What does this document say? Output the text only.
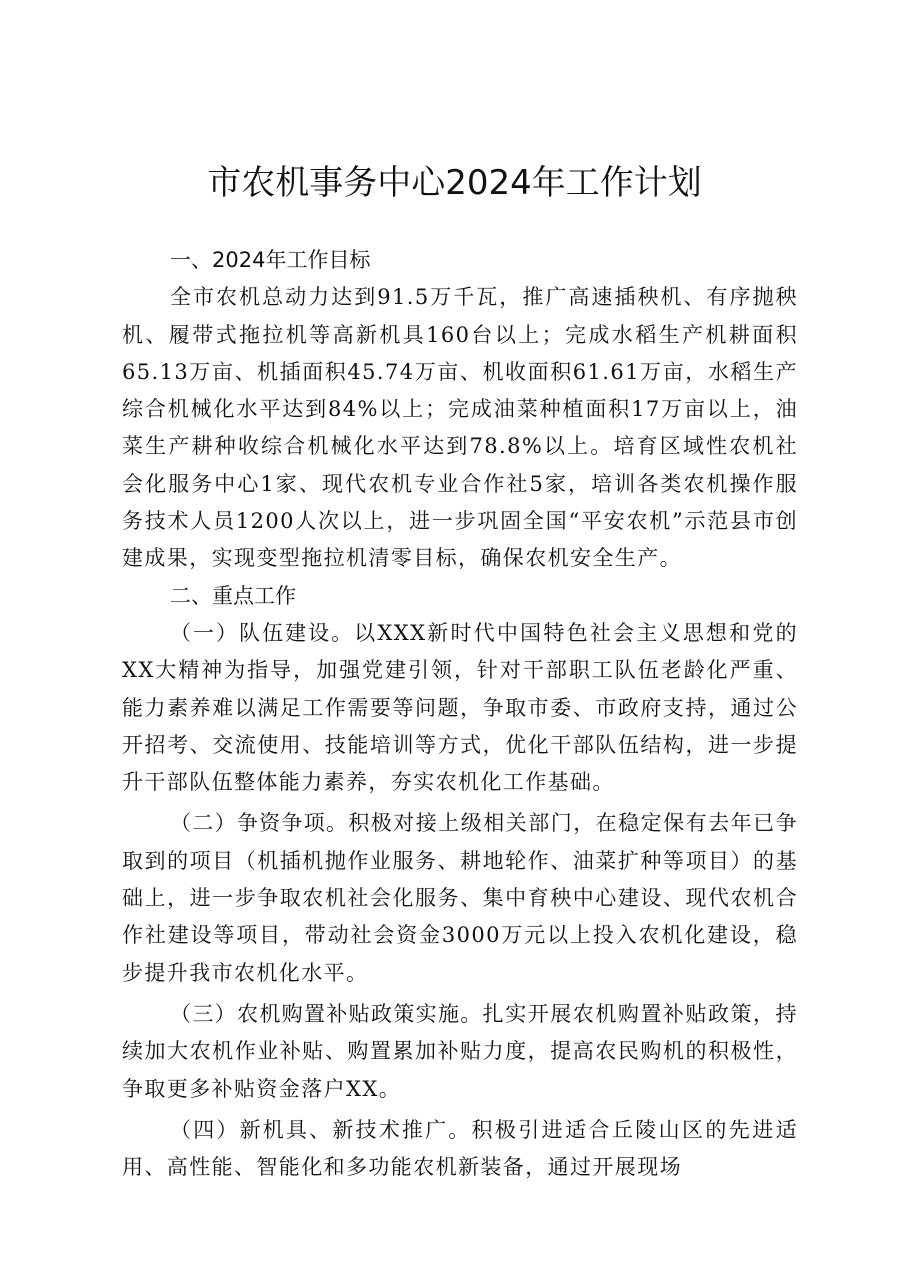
市农机事务中心2024年工作计划

一、2024年工作目标

全市农机总动力达到91.5万千瓦，推广高速插秧机、有序抛秧机、履带式拖拉机等高新机具160台以上；完成水稻生产机耕面积65.13万亩、机插面积45.74万亩、机收面积61.61万亩，水稻生产综合机械化水平达到84%以上；完成油菜种植面积17万亩以上，油菜生产耕种收综合机械化水平达到78.8%以上。培育区域性农机社会化服务中心1家、现代农机专业合作社5家，培训各类农机操作服务技术人员1200人次以上，进一步巩固全国“平安农机”示范县市创建成果，实现变型拖拉机清零目标，确保农机安全生产。

二、重点工作

（一）队伍建设。以XXX新时代中国特色社会主义思想和党的XX大精神为指导，加强党建引领，针对干部职工队伍老龄化严重、能力素养难以满足工作需要等问题，争取市委、市政府支持，通过公开招考、交流使用、技能培训等方式，优化干部队伍结构，进一步提升干部队伍整体能力素养，夯实农机化工作基础。

（二）争资争项。积极对接上级相关部门，在稳定保有去年已争取到的项目（机插机抛作业服务、耕地轮作、油菜扩种等项目）的基础上，进一步争取农机社会化服务、集中育秧中心建设、现代农机合作社建设等项目，带动社会资金3000万元以上投入农机化建设，稳步提升我市农机化水平。

（三）农机购置补贴政策实施。扎实开展农机购置补贴政策，持续加大农机作业补贴、购置累加补贴力度，提高农民购机的积极性，争取更多补贴资金落户XX。

（四）新机具、新技术推广。积极引进适合丘陵山区的先进适用、高性能、智能化和多功能农机新装备，通过开展现场
